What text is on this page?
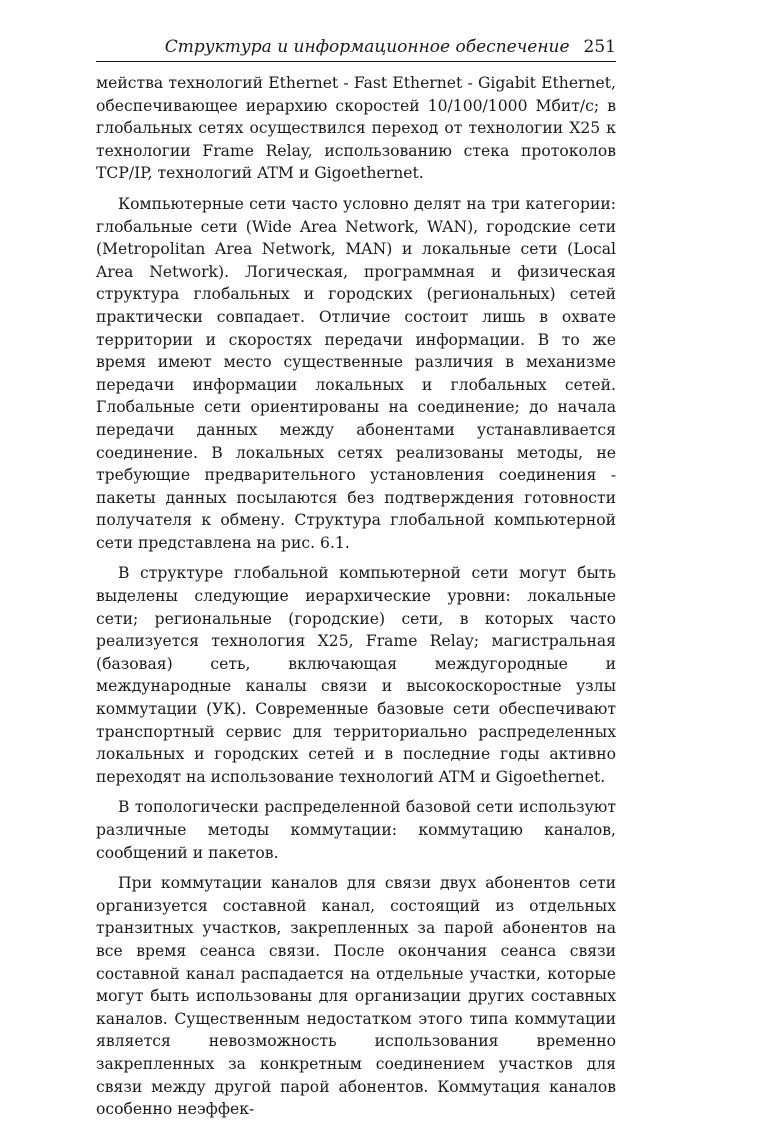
Структура и информационное обеспечение 251

мейства технологий Ethernet - Fast Ethernet - Gigabit Ethernet, обеспечивающее иерархию скоростей 10/100/1000 Мбит/с; в глобальных сетях осуществился переход от технологии X25 к технологии Frame Relay, использованию стека протоколов TCP/IP, технологий ATM и Gigoethernet.

Компьютерные сети часто условно делят на три категории: глобальные сети (Wide Area Network, WAN), городские сети (Metropolitan Area Network, MAN) и локальные сети (Local Area Network). Логическая, программная и физическая структура глобальных и городских (региональных) сетей практически совпадает. Отличие состоит лишь в охвате территории и скоростях передачи информации. В то же время имеют место существенные различия в механизме передачи информации локальных и глобальных сетей. Глобальные сети ориентированы на соединение; до начала передачи данных между абонентами устанавливается соединение. В локальных сетях реализованы методы, не требующие предварительного установления соединения - пакеты данных посылаются без подтверждения готовности получателя к обмену. Структура глобальной компьютерной сети представлена на рис. 6.1.

В структуре глобальной компьютерной сети могут быть выделены следующие иерархические уровни: локальные сети; региональные (городские) сети, в которых часто реализуется технология X25, Frame Relay; магистральная (базовая) сеть, включающая междугородные и международные каналы связи и высокоскоростные узлы коммутации (УК). Современные базовые сети обеспечивают транспортный сервис для территориально распределенных локальных и городских сетей и в последние годы активно переходят на использование технологий ATM и Gigoethernet.

В топологически распределенной базовой сети используют различные методы коммутации: коммутацию каналов, сообщений и пакетов.

При коммутации каналов для связи двух абонентов сети организуется составной канал, состоящий из отдельных транзитных участков, закрепленных за парой абонентов на все время сеанса связи. После окончания сеанса связи составной канал распадается на отдельные участки, которые могут быть использованы для организации других составных каналов. Существенным недостатком этого типа коммутации является невозможность использования временно закрепленных за конкретным соединением участков для связи между другой парой абонентов. Коммутация каналов особенно неэффек-
